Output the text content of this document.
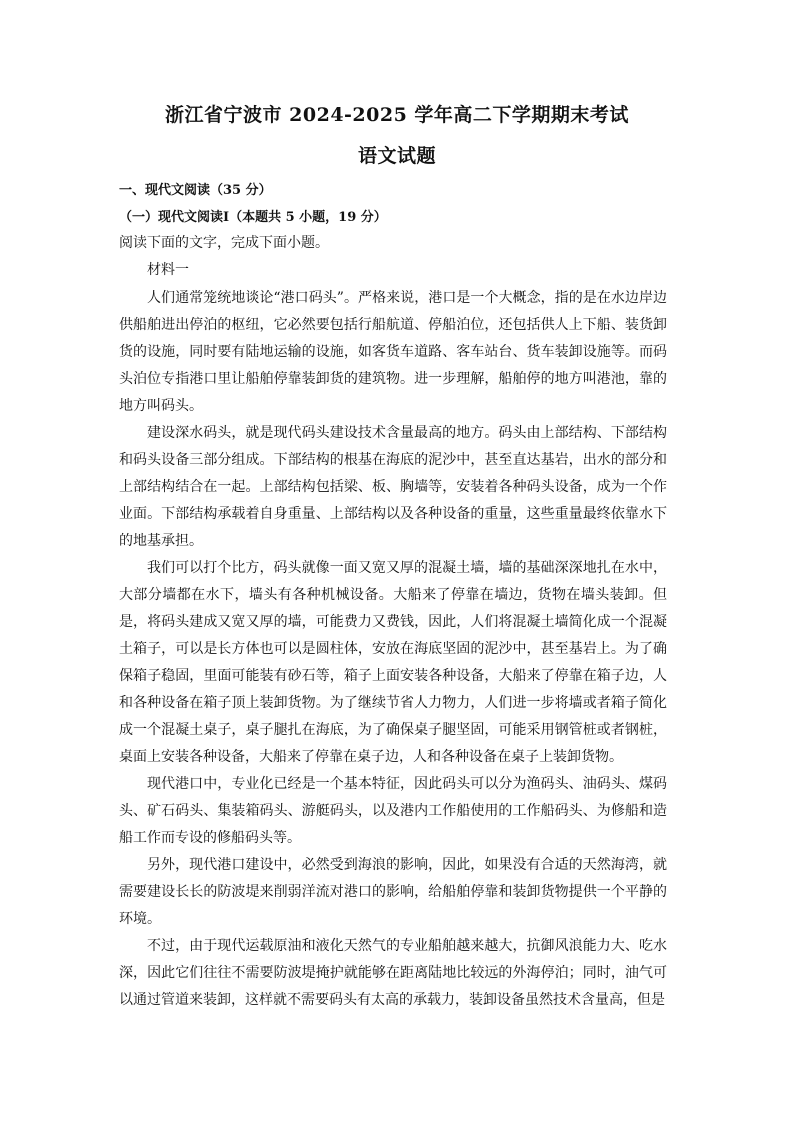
浙江省宁波市 2024-2025 学年高二下学期期末考试
语文试题
一、现代文阅读（35 分）
（一）现代文阅读Ⅰ（本题共 5 小题，19 分）
阅读下面的文字，完成下面小题。
材料一

人们通常笼统地谈论“港口码头”。严格来说，港口是一个大概念，指的是在水边岸边供船舶进出停泊的枢纽，它必然要包括行船航道、停船泊位，还包括供人上下船、装货卸货的设施，同时要有陆地运输的设施，如客货车道路、客车站台、货车装卸设施等。而码头泊位专指港口里让船舶停靠装卸货的建筑物。进一步理解，船舶停的地方叫港池，靠的地方叫码头。

建设深水码头，就是现代码头建设技术含量最高的地方。码头由上部结构、下部结构和码头设备三部分组成。下部结构的根基在海底的泥沙中，甚至直达基岩，出水的部分和上部结构结合在一起。上部结构包括梁、板、胸墙等，安装着各种码头设备，成为一个作业面。下部结构承载着自身重量、上部结构以及各种设备的重量，这些重量最终依靠水下的地基承担。

我们可以打个比方，码头就像一面又宽又厚的混凝土墙，墙的基础深深地扎在水中，大部分墙都在水下，墙头有各种机械设备。大船来了停靠在墙边，货物在墙头装卸。但是，将码头建成又宽又厚的墙，可能费力又费钱，因此，人们将混凝土墙简化成一个混凝土箱子，可以是长方体也可以是圆柱体，安放在海底坚固的泥沙中，甚至基岩上。为了确保箱子稳固，里面可能装有砂石等，箱子上面安装各种设备，大船来了停靠在箱子边，人和各种设备在箱子顶上装卸货物。为了继续节省人力物力，人们进一步将墙或者箱子简化成一个混凝土桌子，桌子腿扎在海底，为了确保桌子腿坚固，可能采用钢管桩或者钢桩，桌面上安装各种设备，大船来了停靠在桌子边，人和各种设备在桌子上装卸货物。

现代港口中，专业化已经是一个基本特征，因此码头可以分为渔码头、油码头、煤码头、矿石码头、集装箱码头、游艇码头，以及港内工作船使用的工作船码头、为修船和造船工作而专设的修船码头等。

另外，现代港口建设中，必然受到海浪的影响，因此，如果没有合适的天然海湾，就需要建设长长的防波堤来削弱洋流对港口的影响，给船舶停靠和装卸货物提供一个平静的环境。

不过，由于现代运载原油和液化天然气的专业船舶越来越大，抗御风浪能力大、吃水深，因此它们往往不需要防波堤掩护就能够在距离陆地比较远的外海停泊；同时，油气可以通过管道来装卸，这样就不需要码头有太高的承载力，装卸设备虽然技术含量高，但是
